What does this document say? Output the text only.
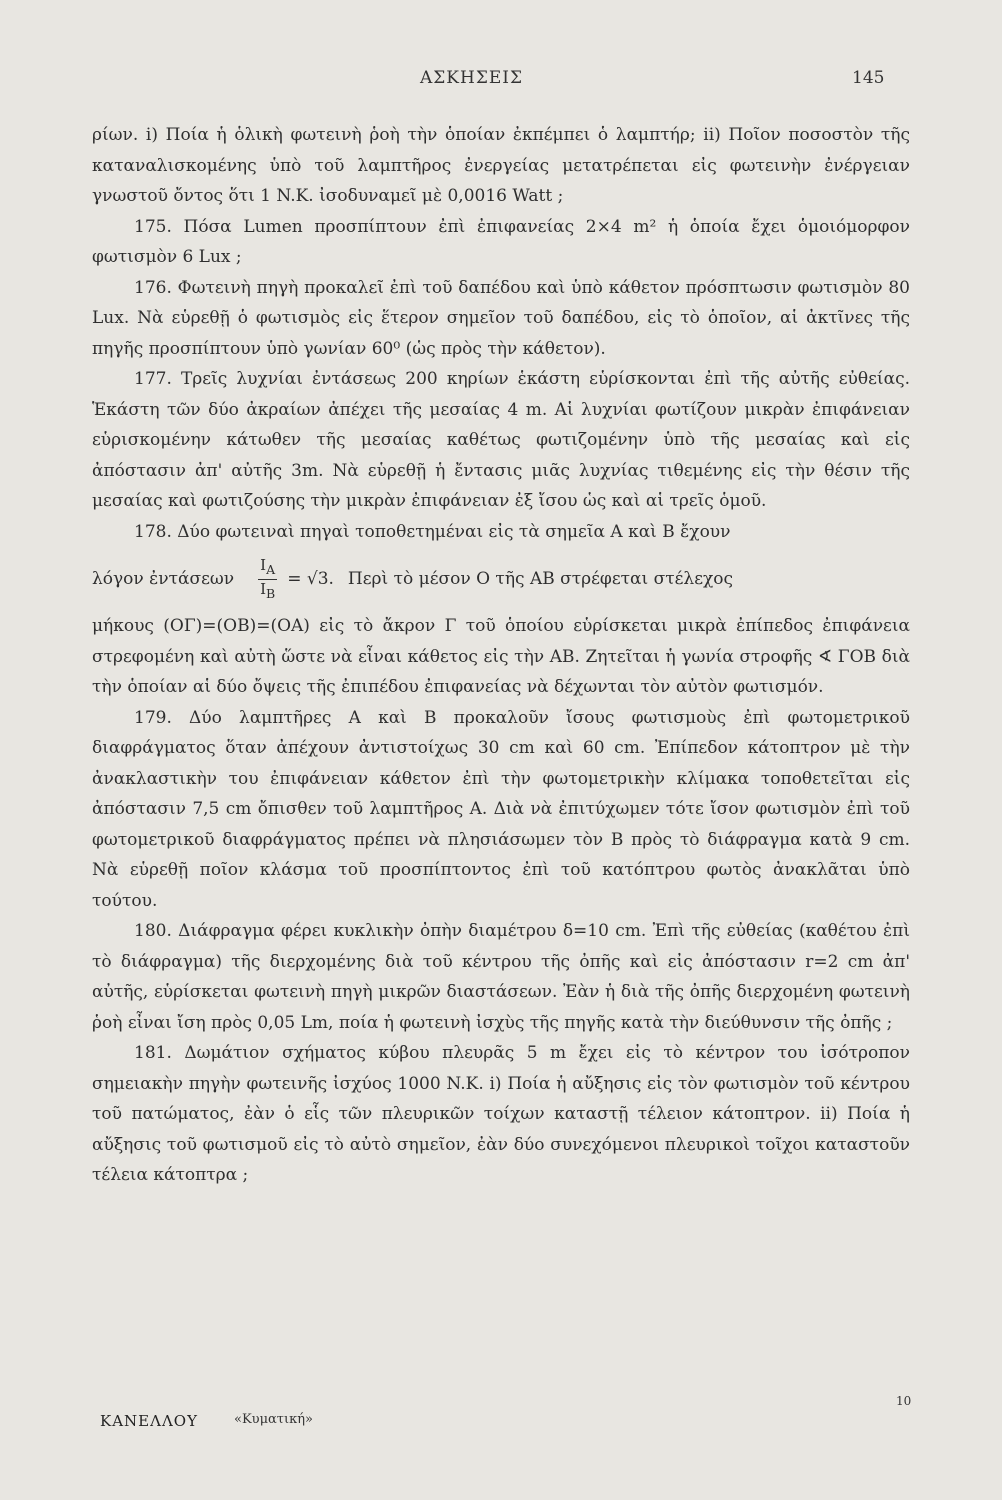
ΑΣΚΗΣΕΙΣ	145

ρίων. i) Ποία ἡ ὁλικὴ φωτεινὴ ῥοὴ τὴν ὁποίαν ἐκπέμπει ὁ λαμπτήρ; ii) Ποῖον ποσοστὸν τῆς καταναλισκομένης ὑπὸ τοῦ λαμπτῆρος ἐνεργείας μετατρέπεται εἰς φωτεινὴν ἐνέργειαν γνωστοῦ ὄντος ὅτι 1 N.K. ἰσοδυναμεῖ μὲ 0,0016 Watt ;

175. Πόσα Lumen προσπίπτουν ἐπὶ ἐπιφανείας 2×4 m² ἡ ὁποία ἔχει ὁμοιόμορφον φωτισμὸν 6 Lux ;

176. Φωτεινὴ πηγὴ προκαλεῖ ἐπὶ τοῦ δαπέδου καὶ ὑπὸ κάθετον πρόσπτωσιν φωτισμὸν 80 Lux. Νὰ εὑρεθῇ ὁ φωτισμὸς εἰς ἕτερον σημεῖον τοῦ δαπέδου, εἰς τὸ ὁποῖον, αἱ ἀκτῖνες τῆς πηγῆς προσπίπτουν ὑπὸ γωνίαν 60⁰ (ὡς πρὸς τὴν κάθετον).

177. Τρεῖς λυχνίαι ἐντάσεως 200 κηρίων ἑκάστη εὑρίσκονται ἐπὶ τῆς αὐτῆς εὐθείας. Ἑκάστη τῶν δύο ἀκραίων ἀπέχει τῆς μεσαίας 4 m. Αἱ λυχνίαι φωτίζουν μικρὰν ἐπιφάνειαν εὑρισκομένην κάτωθεν τῆς μεσαίας καθέτως φωτιζομένην ὑπὸ τῆς μεσαίας καὶ εἰς ἀπόστασιν ἀπ' αὐτῆς 3m. Νὰ εὑρεθῇ ἡ ἔντασις μιᾶς λυχνίας τιθεμένης εἰς τὴν θέσιν τῆς μεσαίας καὶ φωτιζούσης τὴν μικρὰν ἐπιφάνειαν ἐξ ἴσου ὡς καὶ αἱ τρεῖς ὁμοῦ.

178. Δύο φωτειναὶ πηγαὶ τοποθετημέναι εἰς τὰ σημεῖα A καὶ B ἔχουν

λόγον ἐντάσεων $\frac{I_A}{I_B} = √3$. Περὶ τὸ μέσον O τῆς AB στρέφεται στέλεχος

μήκους (OΓ)=(OB)=(OA) εἰς τὸ ἄκρον Γ τοῦ ὁποίου εὑρίσκεται μικρὰ ἐπίπεδος ἐπιφάνεια στρεφομένη καὶ αὐτὴ ὥστε νὰ εἶναι κάθετος εἰς τὴν AB. Ζητεῖται ἡ γωνία στροφῆς ∢ ΓOB διὰ τὴν ὁποίαν αἱ δύο ὄψεις τῆς ἐπιπέδου ἐπιφανείας νὰ δέχωνται τὸν αὐτὸν φωτισμόν.

179. Δύο λαμπτῆρες A καὶ B προκαλοῦν ἴσους φωτισμοὺς ἐπὶ φωτομετρικοῦ διαφράγματος ὅταν ἀπέχουν ἀντιστοίχως 30 cm καὶ 60 cm. Ἐπίπεδον κάτοπτρον μὲ τὴν ἀνακλαστικὴν του ἐπιφάνειαν κάθετον ἐπὶ τὴν φωτομετρικὴν κλίμακα τοποθετεῖται εἰς ἀπόστασιν 7,5 cm ὄπισθεν τοῦ λαμπτῆρος A. Διὰ νὰ ἐπιτύχωμεν τότε ἴσον φωτισμὸν ἐπὶ τοῦ φωτομετρικοῦ διαφράγματος πρέπει νὰ πλησιάσωμεν τὸν B πρὸς τὸ διάφραγμα κατὰ 9 cm. Νὰ εὑρεθῇ ποῖον κλάσμα τοῦ προσπίπτοντος ἐπὶ τοῦ κατόπτρου φωτὸς ἀνακλᾶται ὑπὸ τούτου.

180. Διάφραγμα φέρει κυκλικὴν ὀπὴν διαμέτρου δ=10 cm. Ἐπὶ τῆς εὐθείας (καθέτου ἐπὶ τὸ διάφραγμα) τῆς διερχομένης διὰ τοῦ κέντρου τῆς ὀπῆς καὶ εἰς ἀπόστασιν r=2 cm ἀπ' αὐτῆς, εὑρίσκεται φωτεινὴ πηγὴ μικρῶν διαστάσεων. Ἐὰν ἡ διὰ τῆς ὀπῆς διερχομένη φωτεινὴ ῥοὴ εἶναι ἴση πρὸς 0,05 Lm, ποία ἡ φωτεινὴ ἰσχὺς τῆς πηγῆς κατὰ τὴν διεύθυνσιν τῆς ὀπῆς ;

181. Δωμάτιον σχήματος κύβου πλευρᾶς 5 m ἔχει εἰς τὸ κέντρον του ἰσότροπον σημειακὴν πηγὴν φωτεινῆς ἰσχύος 1000 N.K. i) Ποία ἡ αὔξησις εἰς τὸν φωτισμὸν τοῦ κέντρου τοῦ πατώματος, ἐὰν ὁ εἷς τῶν πλευρικῶν τοίχων καταστῇ τέλειον κάτοπτρον. ii) Ποία ἡ αὔξησις τοῦ φωτισμοῦ εἰς τὸ αὐτὸ σημεῖον, ἐὰν δύο συνεχόμενοι πλευρικοὶ τοῖχοι καταστοῦν τέλεια κάτοπτρα ;

ΚΑΝΕΛΛΟΥ	«Κυματική»
10
